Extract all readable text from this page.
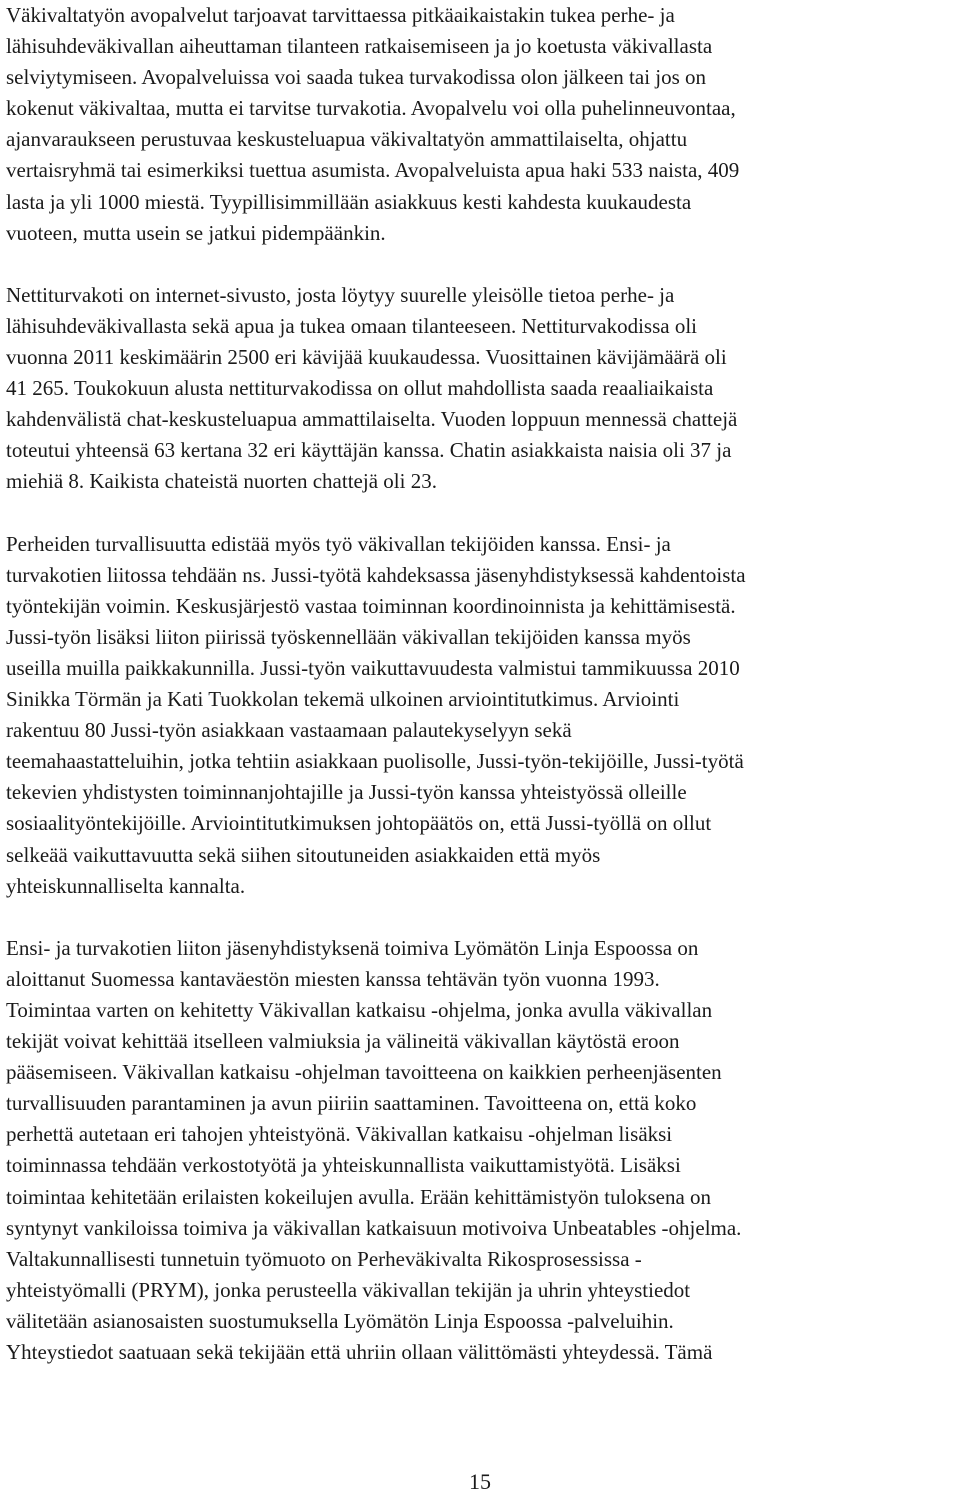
Väkivaltatyön avopalvelut tarjoavat tarvittaessa pitkäaikaistakin tukea perhe- ja
lähisuhdeväkivallan aiheuttaman tilanteen ratkaisemiseen ja jo koetusta väkivallasta
selviytymiseen. Avopalveluissa voi saada tukea turvakodissa olon jälkeen tai jos on
kokenut väkivaltaa, mutta ei tarvitse turvakotia. Avopalvelu voi olla puhelinneuvontaa,
ajanvaraukseen perustuvaa keskusteluapua väkivaltatyön ammattilaiselta, ohjattu
vertaisryhmä tai esimerkiksi tuettua asumista. Avopalveluista apua haki 533 naista, 409
lasta ja yli 1000 miestä. Tyypillisimmillään asiakkuus kesti kahdesta kuukaudesta
vuoteen, mutta usein se jatkui pidempäänkin.
Nettiturvakoti on internet-sivusto, josta löytyy suurelle yleisölle tietoa perhe- ja
lähisuhdeväkivallasta sekä apua ja tukea omaan tilanteeseen. Nettiturvakodissa oli
vuonna 2011 keskimäärin 2500 eri kävijää kuukaudessa. Vuosittainen kävijämäärä oli
41 265. Toukokuun alusta nettiturvakodissa on ollut mahdollista saada reaaliaikaista
kahdenvälistä chat-keskusteluapua ammattilaiselta. Vuoden loppuun mennessä chattejä
toteutui yhteensä 63 kertana 32 eri käyttäjän kanssa. Chatin asiakkaista naisia oli 37 ja
miehiä 8. Kaikista chateistä nuorten chattejä oli 23.
Perheiden turvallisuutta edistää myös työ väkivallan tekijöiden kanssa. Ensi- ja
turvakotien liitossa tehdään ns. Jussi-työtä kahdeksassa jäsenyhdistyksessä kahdentoista
työntekijän voimin. Keskusjärjestö vastaa toiminnan koordinoinnista ja kehittämisestä.
Jussi-työn lisäksi liiton piirissä työskennellään väkivallan tekijöiden kanssa myös
useilla muilla paikkakunnilla. Jussi-työn vaikuttavuudesta valmistui tammikuussa 2010
Sinikka Törmän ja Kati Tuokkolan tekemä ulkoinen arviointitutkimus. Arviointi
rakentuu 80 Jussi-työn asiakkaan vastaamaan palautekyselyyn sekä
teemahaastatteluihin, jotka tehtiin asiakkaan puolisolle, Jussi-työn-tekijöille, Jussi-työtä
tekevien yhdistysten toiminnanjohtajille ja Jussi-työn kanssa yhteistyössä olleille
sosiaalityöntekijöille. Arviointitutkimuksen johtopäätös on, että Jussi-työllä on ollut
selkeää vaikuttavuutta sekä siihen sitoutuneiden asiakkaiden että myös
yhteiskunnalliselta kannalta.
Ensi- ja turvakotien liiton jäsenyhdistyksenä toimiva Lyömätön Linja Espoossa on
aloittanut Suomessa kantaväestön miesten kanssa tehtävän työn vuonna 1993.
Toimintaa varten on kehitetty Väkivallan katkaisu -ohjelma, jonka avulla väkivallan
tekijät voivat kehittää itselleen valmiuksia ja välineitä väkivallan käytöstä eroon
pääsemiseen. Väkivallan katkaisu -ohjelman tavoitteena on kaikkien perheenjäsenten
turvallisuuden parantaminen ja avun piiriin saattaminen. Tavoitteena on, että koko
perhettä autetaan eri tahojen yhteistyönä. Väkivallan katkaisu -ohjelman lisäksi
toiminnassa tehdään verkostotyötä ja yhteiskunnallista vaikuttamistyötä. Lisäksi
toimintaa kehitetään erilaisten kokeilujen avulla. Erään kehittämistyön tuloksena on
syntynyt vankiloissa toimiva ja väkivallan katkaisuun motivoiva Unbeatables -ohjelma.
Valtakunnallisesti tunnetuin työmuoto on Perheväkivalta Rikosprosessissa -
yhteistyömalli (PRYM), jonka perusteella väkivallan tekijän ja uhrin yhteystiedot
välitetään asianosaisten suostumuksella Lyömätön Linja Espoossa -palveluihin.
Yhteystiedot saatuaan sekä tekijään että uhriin ollaan välittömästi yhteydessä. Tämä
15
